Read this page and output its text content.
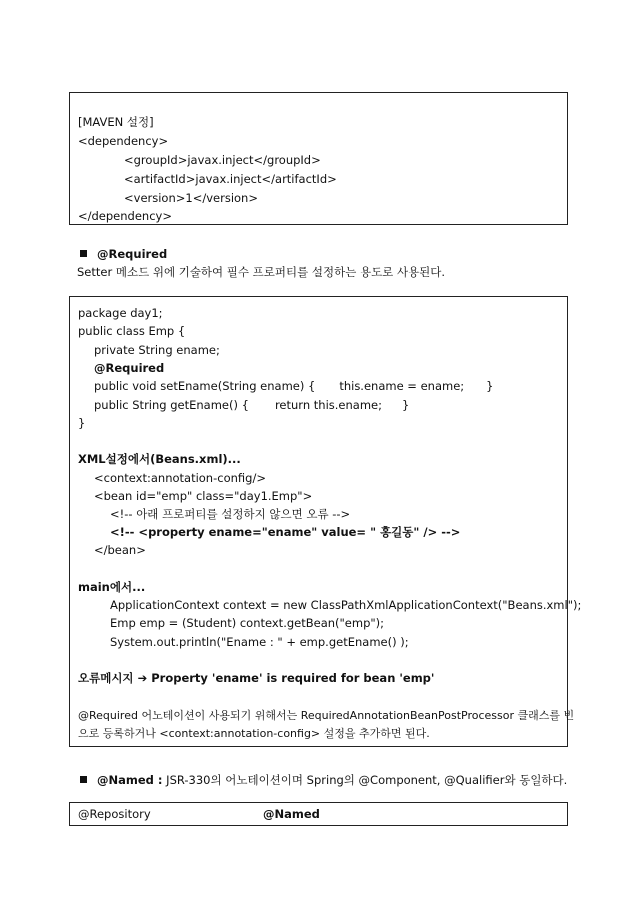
[MAVEN 설정]
<dependency>
<groupId>javax.inject</groupId>
<artifactId>javax.inject</artifactId>
<version>1</version>
</dependency>
@Required
Setter 메소드 위에 기술하여 필수 프로퍼티를 설정하는 용도로 사용된다.
package day1;
public class Emp {
private String ename;
@Required
public void setEname(String ename) { this.ename = ename; }
public String getEname() { return this.ename; }
}
XML설정에서(Beans.xml)...
<context:annotation-config/>
<bean id="emp" class="day1.Emp">
<!-- 아래 프로퍼티를 설정하지 않으면 오류 -->
<!-- <property ename="ename" value= " 홍길동" /> -->
</bean>
main에서...
ApplicationContext context = new ClassPathXmlApplicationContext("Beans.xml");
Emp emp = (Student) context.getBean("emp");
System.out.println("Ename : " + emp.getEname() );
오류메시지 ➔ Property 'ename' is required for bean 'emp'
@Required 어노테이션이 사용되기 위해서는 RequiredAnnotationBeanPostProcessor 클래스를 빈
으로 등록하거나 <context:annotation-config> 설정을 추가하면 된다.
@Named : JSR-330의 어노테이션이며 Spring의 @Component, @Qualifier와 동일하다.
@Repository	@Named
